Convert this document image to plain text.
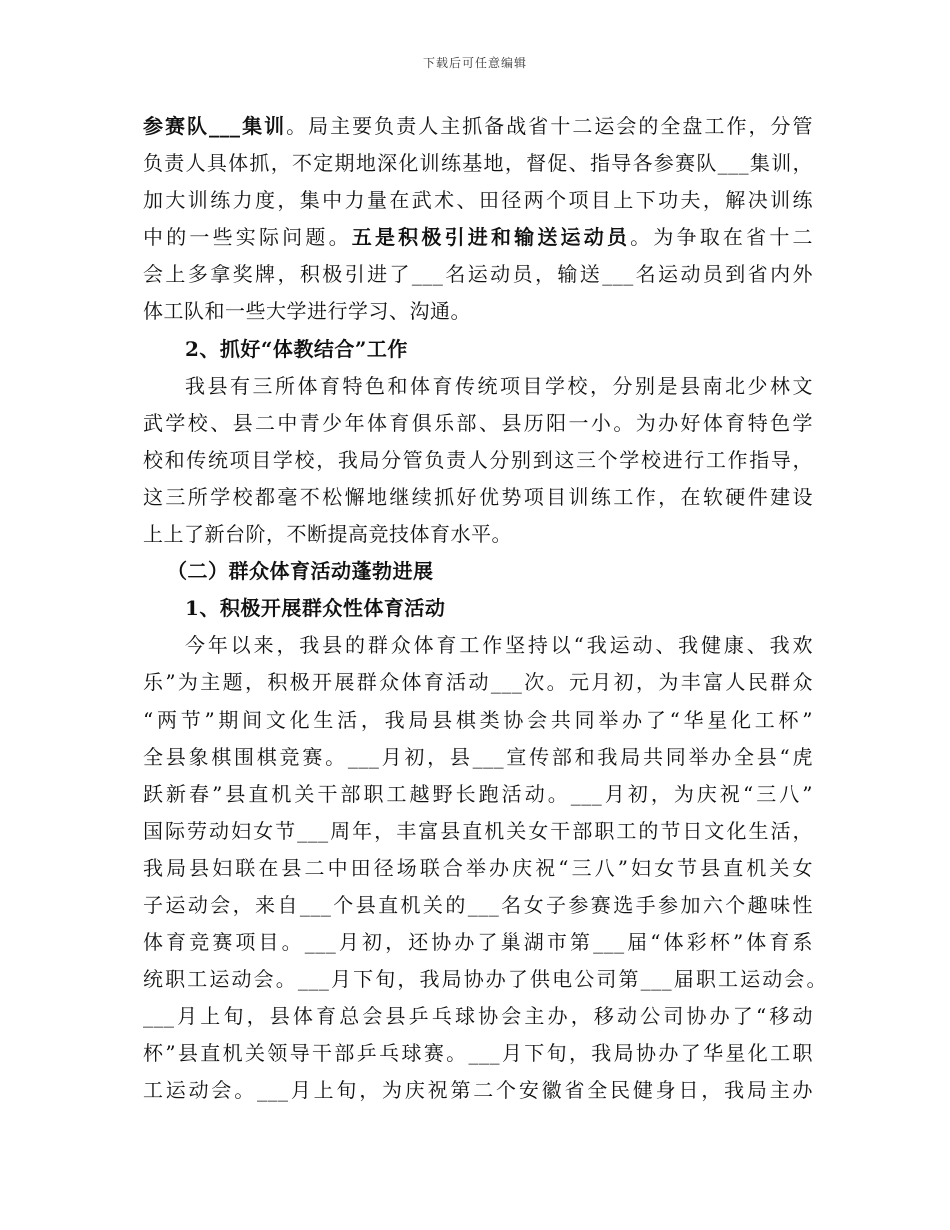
下载后可任意编辑
参赛队___集训。局主要负责人主抓备战省十二运会的全盘工作，分管
负责人具体抓，不定期地深化训练基地，督促、指导各参赛队___集训，
加大训练力度，集中力量在武术、田径两个项目上下功夫，解决训练
中的一些实际问题。五是积极引进和输送运动员。为争取在省十二
会上多拿奖牌，积极引进了___名运动员，输送___名运动员到省内外
体工队和一些大学进行学习、沟通。
2、抓好“体教结合”工作
我县有三所体育特色和体育传统项目学校，分别是县南北少林文
武学校、县二中青少年体育俱乐部、县历阳一小。为办好体育特色学
校和传统项目学校，我局分管负责人分别到这三个学校进行工作指导，
这三所学校都毫不松懈地继续抓好优势项目训练工作，在软硬件建设
上上了新台阶，不断提高竞技体育水平。
（二）群众体育活动蓬勃进展
1、积极开展群众性体育活动
今年以来，我县的群众体育工作坚持以“我运动、我健康、我欢
乐”为主题，积极开展群众体育活动___次。元月初，为丰富人民群众
“两节”期间文化生活，我局县棋类协会共同举办了“华星化工杯”
全县象棋围棋竞赛。___月初，县___宣传部和我局共同举办全县“虎
跃新春”县直机关干部职工越野长跑活动。___月初，为庆祝“三八”
国际劳动妇女节___周年，丰富县直机关女干部职工的节日文化生活，
我局县妇联在县二中田径场联合举办庆祝“三八”妇女节县直机关女
子运动会，来自___个县直机关的___名女子参赛选手参加六个趣味性
体育竞赛项目。___月初，还协办了巢湖市第___届“体彩杯”体育系
统职工运动会。___月下旬，我局协办了供电公司第___届职工运动会。
___月上旬，县体育总会县乒乓球协会主办，移动公司协办了“移动
杯”县直机关领导干部乒乓球赛。___月下旬，我局协办了华星化工职
工运动会。___月上旬，为庆祝第二个安徽省全民健身日，我局主办
